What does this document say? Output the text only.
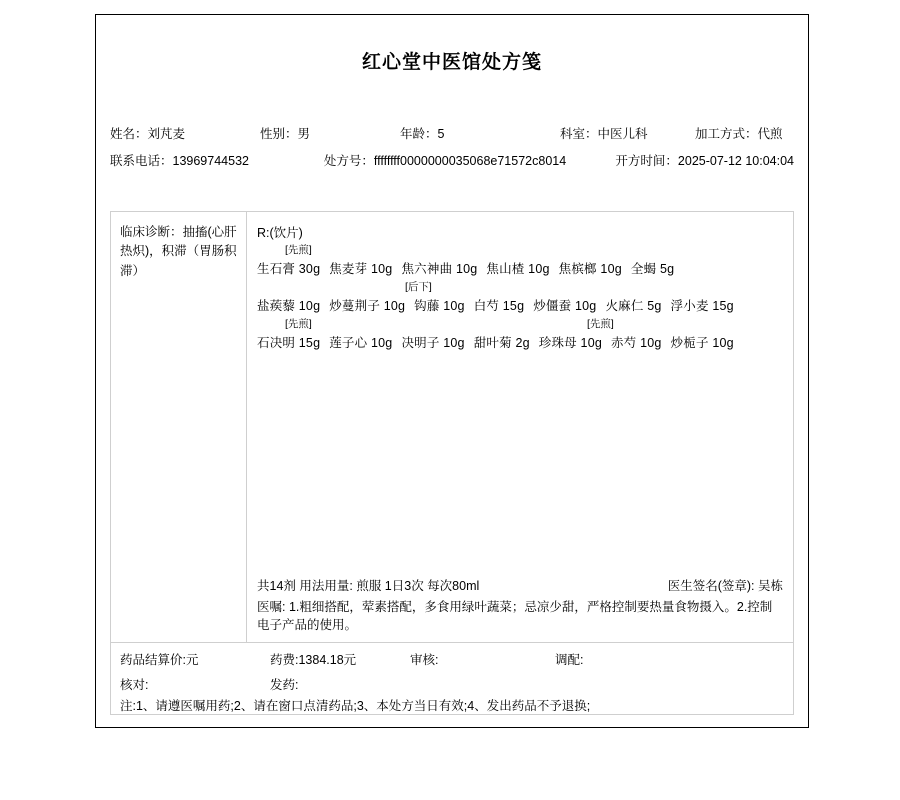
红心堂中医馆处方笺
姓名：刘芃麦	性别：男	年龄：5	科室：中医儿科	加工方式：代煎
联系电话：13969744532	处方号：ffffffff0000000035068e71572c8014	开方时间：2025-07-12 10:04:04
临床诊断：抽搐(心肝热炽)，积滞（胃肠积滞）
R:(饮片)
[先煎]
生石膏 30g 焦麦芽 10g 焦六神曲 10g 焦山楂 10g 焦槟榔 10g 全蝎 5g
[后下]
盐蒺藜 10g 炒蔓荆子 10g 钩藤 10g 白芍 15g 炒僵蚕 10g 火麻仁 5g 浮小麦 15g
[先煎]	[先煎]
石决明 15g 莲子心 10g 决明子 10g 甜叶菊 2g 珍珠母 10g 赤芍 10g 炒栀子 10g
共14剂 用法用量: 煎服 1日3次 每次80ml	医生签名(签章): 吴栋
医嘱: 1.粗细搭配，荤素搭配，多食用绿叶蔬菜；忌凉少甜，严格控制要热量食物摄入。2.控制电子产品的使用。
药品结算价:元	药费:1384.18元	审核:	调配:
核对:	发药:
注:1、请遵医嘱用药;2、请在窗口点清药品;3、本处方当日有效;4、发出药品不予退换;
